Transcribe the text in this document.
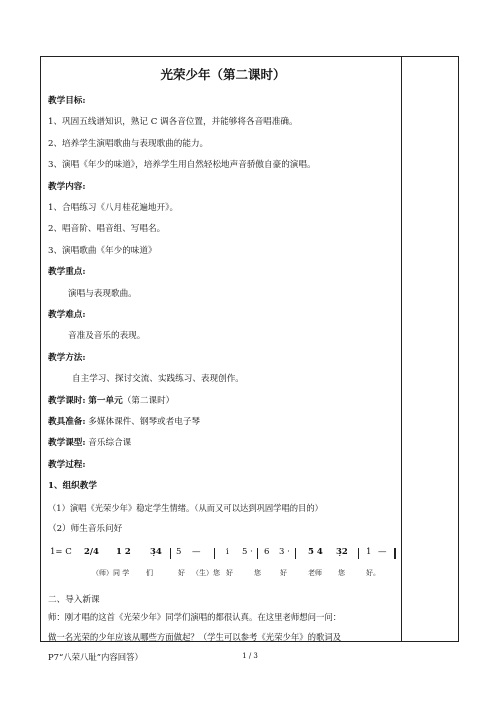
光荣少年（第二课时）
教学目标:
1、巩固五线谱知识，熟记 C 调各音位置，并能够将各音唱准确。
2、培养学生演唱歌曲与表现歌曲的能力。
3、演唱《年少的味道》，培养学生用自然轻松地声音骄傲自豪的演唱。
教学内容:
1、合唱练习《八月桂花遍地开》。
2、唱音阶、唱音组、写唱名。
3、演唱歌曲《年少的味道》
教学重点:
演唱与表现歌曲。
教学难点:
音准及音乐的表现。
教学方法:
自主学习、探讨交流、实践练习、表现创作。
教学课时: 第一单元（第二课时）
教具准备: 多媒体课件、钢琴或者电子琴
教学课型: 音乐综合课
教学过程:
1、组织教学
（1）演唱《光荣少年》稳定学生情绪。（从而又可以达到巩固学唱的目的）
（2）师生音乐问好
1= C 2/4 1 2 3̣4 5 —	i 5 · 6 3 · 5 4 3̣2 1 —
（师）同 学 们	好 （生）您 好	您	好	老师 您	好。
二、导入新课
师：刚才唱的这首《光荣少年》同学们演唱的都很认真。在这里老师想问一问：
做一名光荣的少年应该从哪些方面做起？（学生可以参考《光荣少年》的歌词及
P7“八荣八耻”内容回答）	1 / 3
